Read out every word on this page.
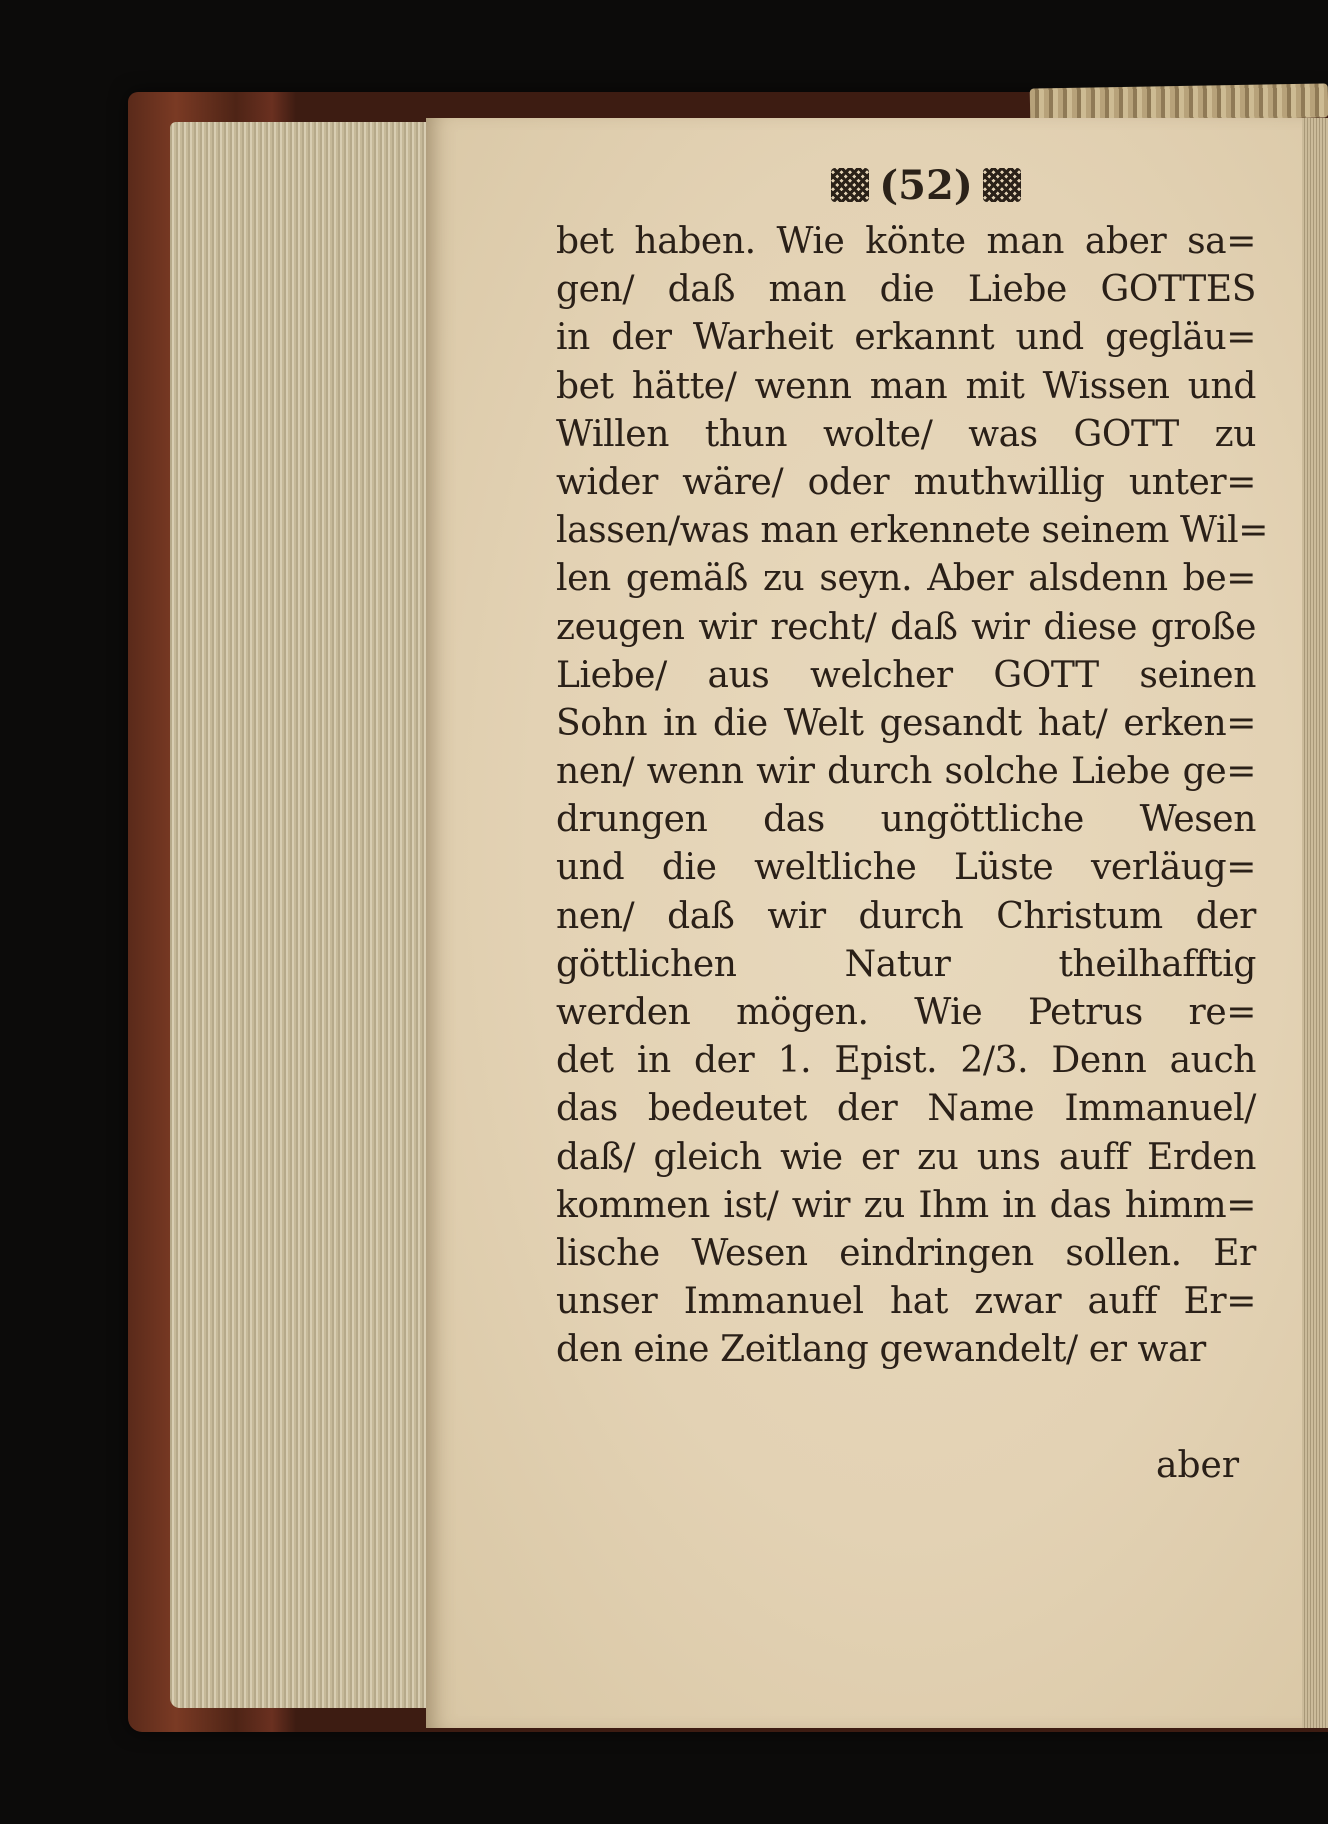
(52)
bet haben. Wie könte man aber sa=
gen/ daß man die Liebe GOTTES
in der Warheit erkannt und gegläu=
bet hätte/ wenn man mit Wissen und
Willen thun wolte/ was GOTT zu
wider wäre/ oder muthwillig unter=
lassen/was man erkennete seinem Wil=
len gemäß zu seyn. Aber alsdenn be=
zeugen wir recht/ daß wir diese große
Liebe/ aus welcher GOTT seinen
Sohn in die Welt gesandt hat/ erken=
nen/ wenn wir durch solche Liebe ge=
drungen das ungöttliche Wesen
und die weltliche Lüste verläug=
nen/ daß wir durch Christum der
göttlichen Natur theilhafftig
werden mögen. Wie Petrus re=
det in der 1. Epist. 2/3. Denn auch
das bedeutet der Name Immanuel/
daß/ gleich wie er zu uns auff Erden
kommen ist/ wir zu Ihm in das himm=
lische Wesen eindringen sollen. Er
unser Immanuel hat zwar auff Er=
den eine Zeitlang gewandelt/ er war
aber
